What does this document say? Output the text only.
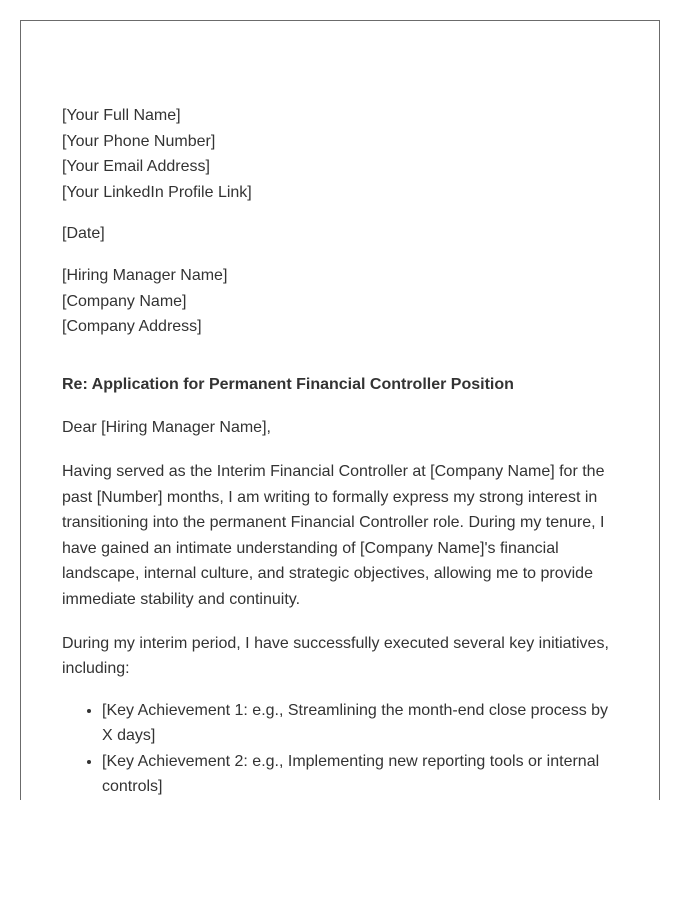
[Your Full Name]
[Your Phone Number]
[Your Email Address]
[Your LinkedIn Profile Link]
[Date]
[Hiring Manager Name]
[Company Name]
[Company Address]
Re: Application for Permanent Financial Controller Position
Dear [Hiring Manager Name],

Having served as the Interim Financial Controller at [Company Name] for the past [Number] months, I am writing to formally express my strong interest in transitioning into the permanent Financial Controller role. During my tenure, I have gained an intimate understanding of [Company Name]'s financial landscape, internal culture, and strategic objectives, allowing me to provide immediate stability and continuity.

During my interim period, I have successfully executed several key initiatives, including:

• [Key Achievement 1: e.g., Streamlining the month-end close process by X days]
• [Key Achievement 2: e.g., Implementing new reporting tools or internal controls]
